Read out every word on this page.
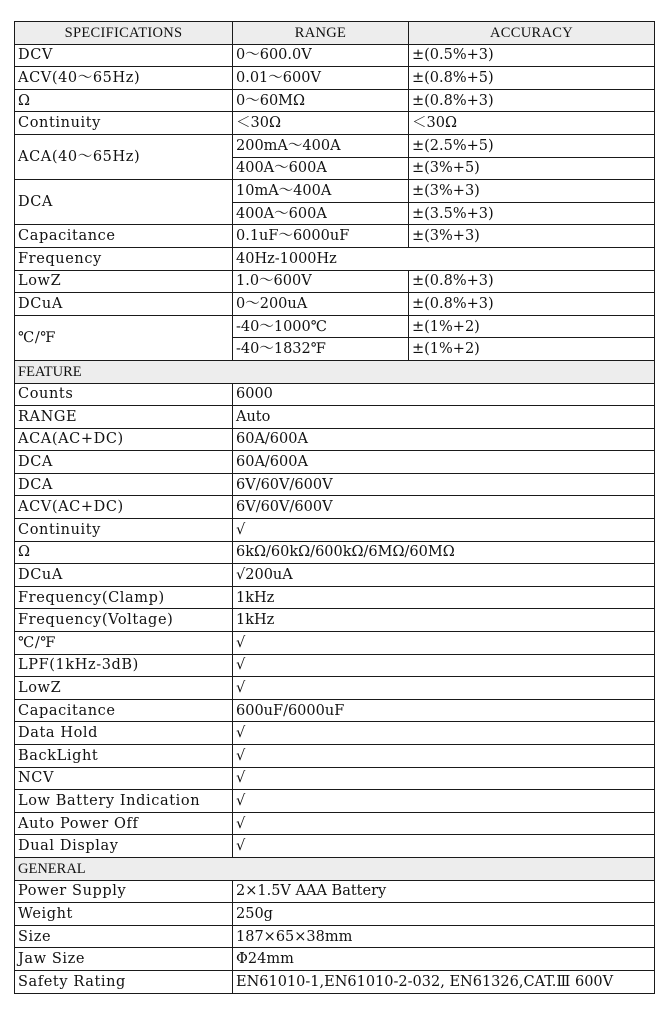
SPECIFICATIONS	RANGE	ACCURACY
DCV	0～600.0V	±(0.5%+3)
ACV(40～65Hz)	0.01～600V	±(0.8%+5)
Ω	0～60MΩ	±(0.8%+3)
Continuity	＜30Ω	＜30Ω
ACA(40～65Hz)	200mA～400A	±(2.5%+5)
	400A～600A	±(3%+5)
DCA	10mA～400A	±(3%+3)
	400A～600A	±(3.5%+3)
Capacitance	0.1uF～6000uF	±(3%+3)
Frequency	40Hz-1000Hz	
LowZ	1.0～600V	±(0.8%+3)
DCuA	0～200uA	±(0.8%+3)
℃/℉	-40～1000℃	±(1%+2)
	-40～1832℉	±(1%+2)
FEATURE		
Counts	6000	
RANGE	Auto	
ACA(AC+DC)	60A/600A	
DCA	60A/600A	
DCA	6V/60V/600V	
ACV(AC+DC)	6V/60V/600V	
Continuity	√	
Ω	6kΩ/60kΩ/600kΩ/6MΩ/60MΩ	
DCuA	√200uA	
Frequency(Clamp)	1kHz	
Frequency(Voltage)	1kHz	
℃/℉	√	
LPF(1kHz-3dB)	√	
LowZ	√	
Capacitance	600uF/6000uF	
Data Hold	√	
BackLight	√	
NCV	√	
Low Battery Indication	√	
Auto Power Off	√	
Dual Display	√	
GENERAL		
Power Supply	2×1.5V AAA Battery	
Weight	250g	
Size	187×65×38mm	
Jaw Size	Φ24mm	
Safety Rating	EN61010-1,EN61010-2-032, EN61326,CAT.Ⅲ 600V	
